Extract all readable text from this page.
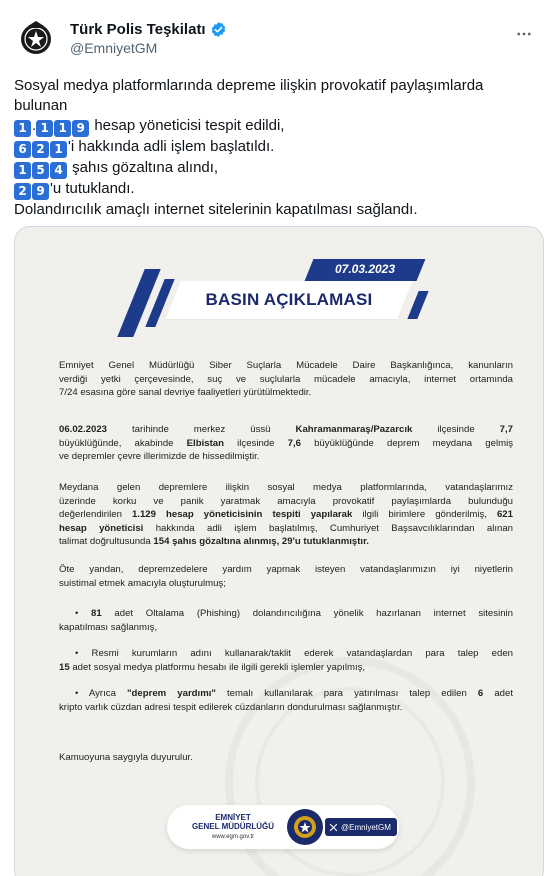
Türk Polis Teşkilatı
@EmniyetGM
Sosyal medya platformlarında depreme ilişkin provokatif paylaşımlarda bulunan
1 . 1 1 9 hesap yöneticisi tespit edildi,
6 2 1 'i hakkında adli işlem başlatıldı.
1 5 4 şahıs gözaltına alındı,
2 9 'u tutuklandı.
Dolandırıcılık amaçlı internet sitelerinin kapatılması sağlandı.
07.03.2023
BASIN AÇIKLAMASI
Emniyet Genel Müdürlüğü Siber Suçlarla Mücadele Daire Başkanlığınca, kanunların
verdiği yetki çerçevesinde, suç ve suçlularla mücadele amacıyla, internet ortamında
7/24 esasına göre sanal devriye faaliyetleri yürütülmektedir.
06.02.2023 tarihinde merkez üssü Kahramanmaraş/Pazarcık ilçesinde 7,7
büyüklüğünde, akabinde Elbistan ilçesinde 7,6 büyüklüğünde deprem meydana gelmiş
ve depremler çevre illerimizde de hissedilmiştir.
Meydana gelen depremlere ilişkin sosyal medya platformlarında, vatandaşlarımız
üzerinde korku ve panik yaratmak amacıyla provokatif paylaşımlarda bulunduğu
değerlendirilen 1.129 hesap yöneticisinin tespiti yapılarak ilgili birimlere gönderilmiş, 621
hesap yöneticisi hakkında adli işlem başlatılmış, Cumhuriyet Başsavcılıklarından alınan
talimat doğrultusunda 154 şahıs gözaltına alınmış, 29'u tutuklanmıştır.
Öte yandan, depremzedelere yardım yapmak isteyen vatandaşlarımızın iyi niyetlerin
suistimal etmek amacıyla oluşturulmuş;
• 81 adet Oltalama (Phishing) dolandırıcılığına yönelik hazırlanan internet sitesinin
kapatılması sağlanmış,
• Resmi kurumların adını kullanarak/taklit ederek vatandaşlardan para talep eden
15 adet sosyal medya platformu hesabı ile ilgili gerekli işlemler yapılmış,
• Ayrıca "deprem yardımı" temalı kullanılarak para yatırılması talep edilen 6 adet
kripto varlık cüzdan adresi tespit edilerek cüzdanların dondurulması sağlanmıştır.
Kamuoyuna saygıyla duyurulur.
EMNİYET
GENEL MÜDÜRLÜĞÜ
www.egm.gov.tr
@EmniyetGM
